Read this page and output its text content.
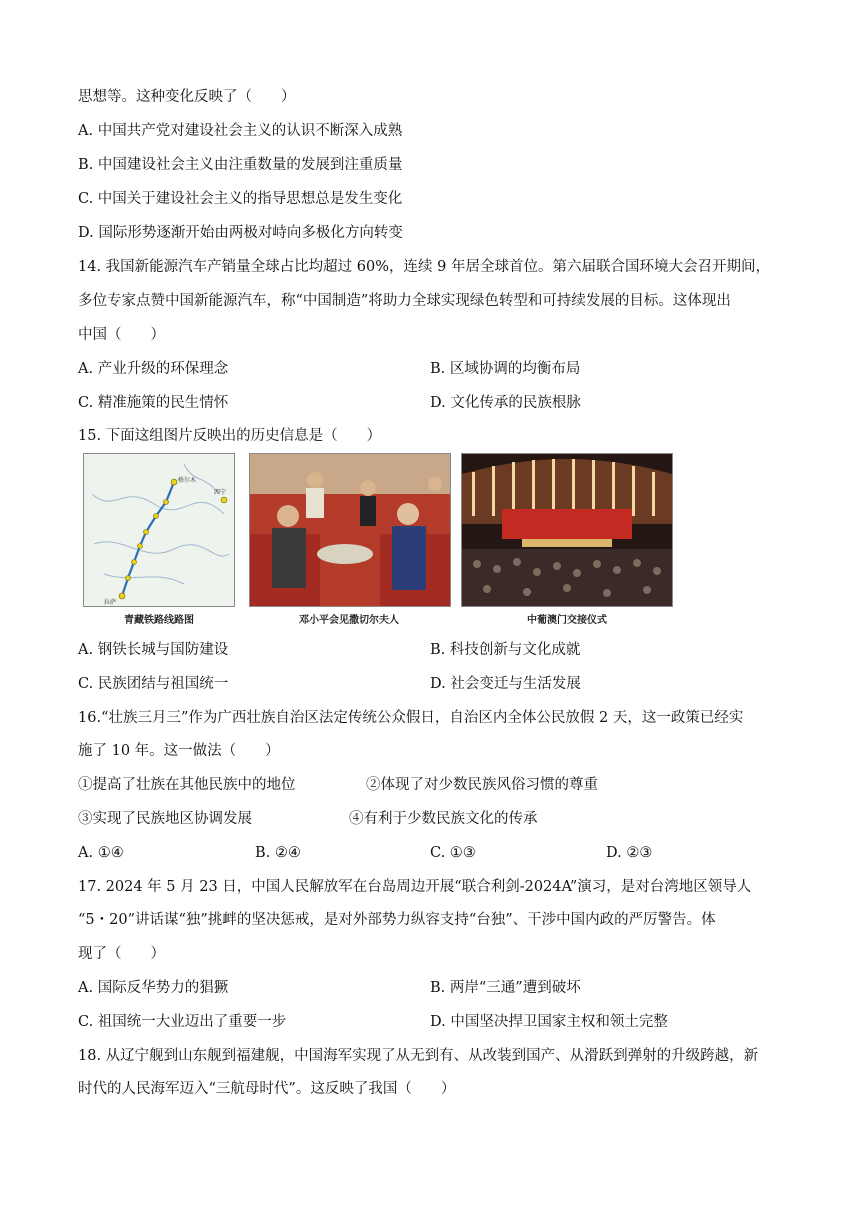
思想等。这种变化反映了（　　）
A. 中国共产党对建设社会主义的认识不断深入成熟
B. 中国建设社会主义由注重数量的发展到注重质量
C. 中国关于建设社会主义的指导思想总是发生变化
D. 国际形势逐渐开始由两极对峙向多极化方向转变
14. 我国新能源汽车产销量全球占比均超过 60%，连续 9 年居全球首位。第六届联合国环境大会召开期间，
多位专家点赞中国新能源汽车，称“中国制造”将助力全球实现绿色转型和可持续发展的目标。这体现出
中国（　　）
A. 产业升级的环保理念	B. 区域协调的均衡布局
C. 精准施策的民生情怀	D. 文化传承的民族根脉
15. 下面这组图片反映出的历史信息是（　　）
格尔木
拉萨
西宁
青藏铁路线路图	邓小平会见撒切尔夫人	中葡澳门交接仪式
A. 钢铁长城与国防建设	B. 科技创新与文化成就
C. 民族团结与祖国统一	D. 社会变迁与生活发展
16.“壮族三月三”作为广西壮族自治区法定传统公众假日，自治区内全体公民放假 2 天，这一政策已经实
施了 10 年。这一做法（　　）
①提高了壮族在其他民族中的地位	②体现了对少数民族风俗习惯的尊重
③实现了民族地区协调发展	④有利于少数民族文化的传承
A. ①④	B. ②④	C. ①③	D. ②③
17. 2024 年 5 月 23 日，中国人民解放军在台岛周边开展“联合利剑-2024A”演习，是对台湾地区领导人
“5・20”讲话谋“独”挑衅的坚决惩戒，是对外部势力纵容支持“台独”、干涉中国内政的严厉警告。体
现了（　　）
A. 国际反华势力的猖獗	B. 两岸“三通”遭到破坏
C. 祖国统一大业迈出了重要一步	D. 中国坚决捍卫国家主权和领土完整
18. 从辽宁舰到山东舰到福建舰，中国海军实现了从无到有、从改装到国产、从滑跃到弹射的升级跨越，新
时代的人民海军迈入“三航母时代”。这反映了我国（　　）
